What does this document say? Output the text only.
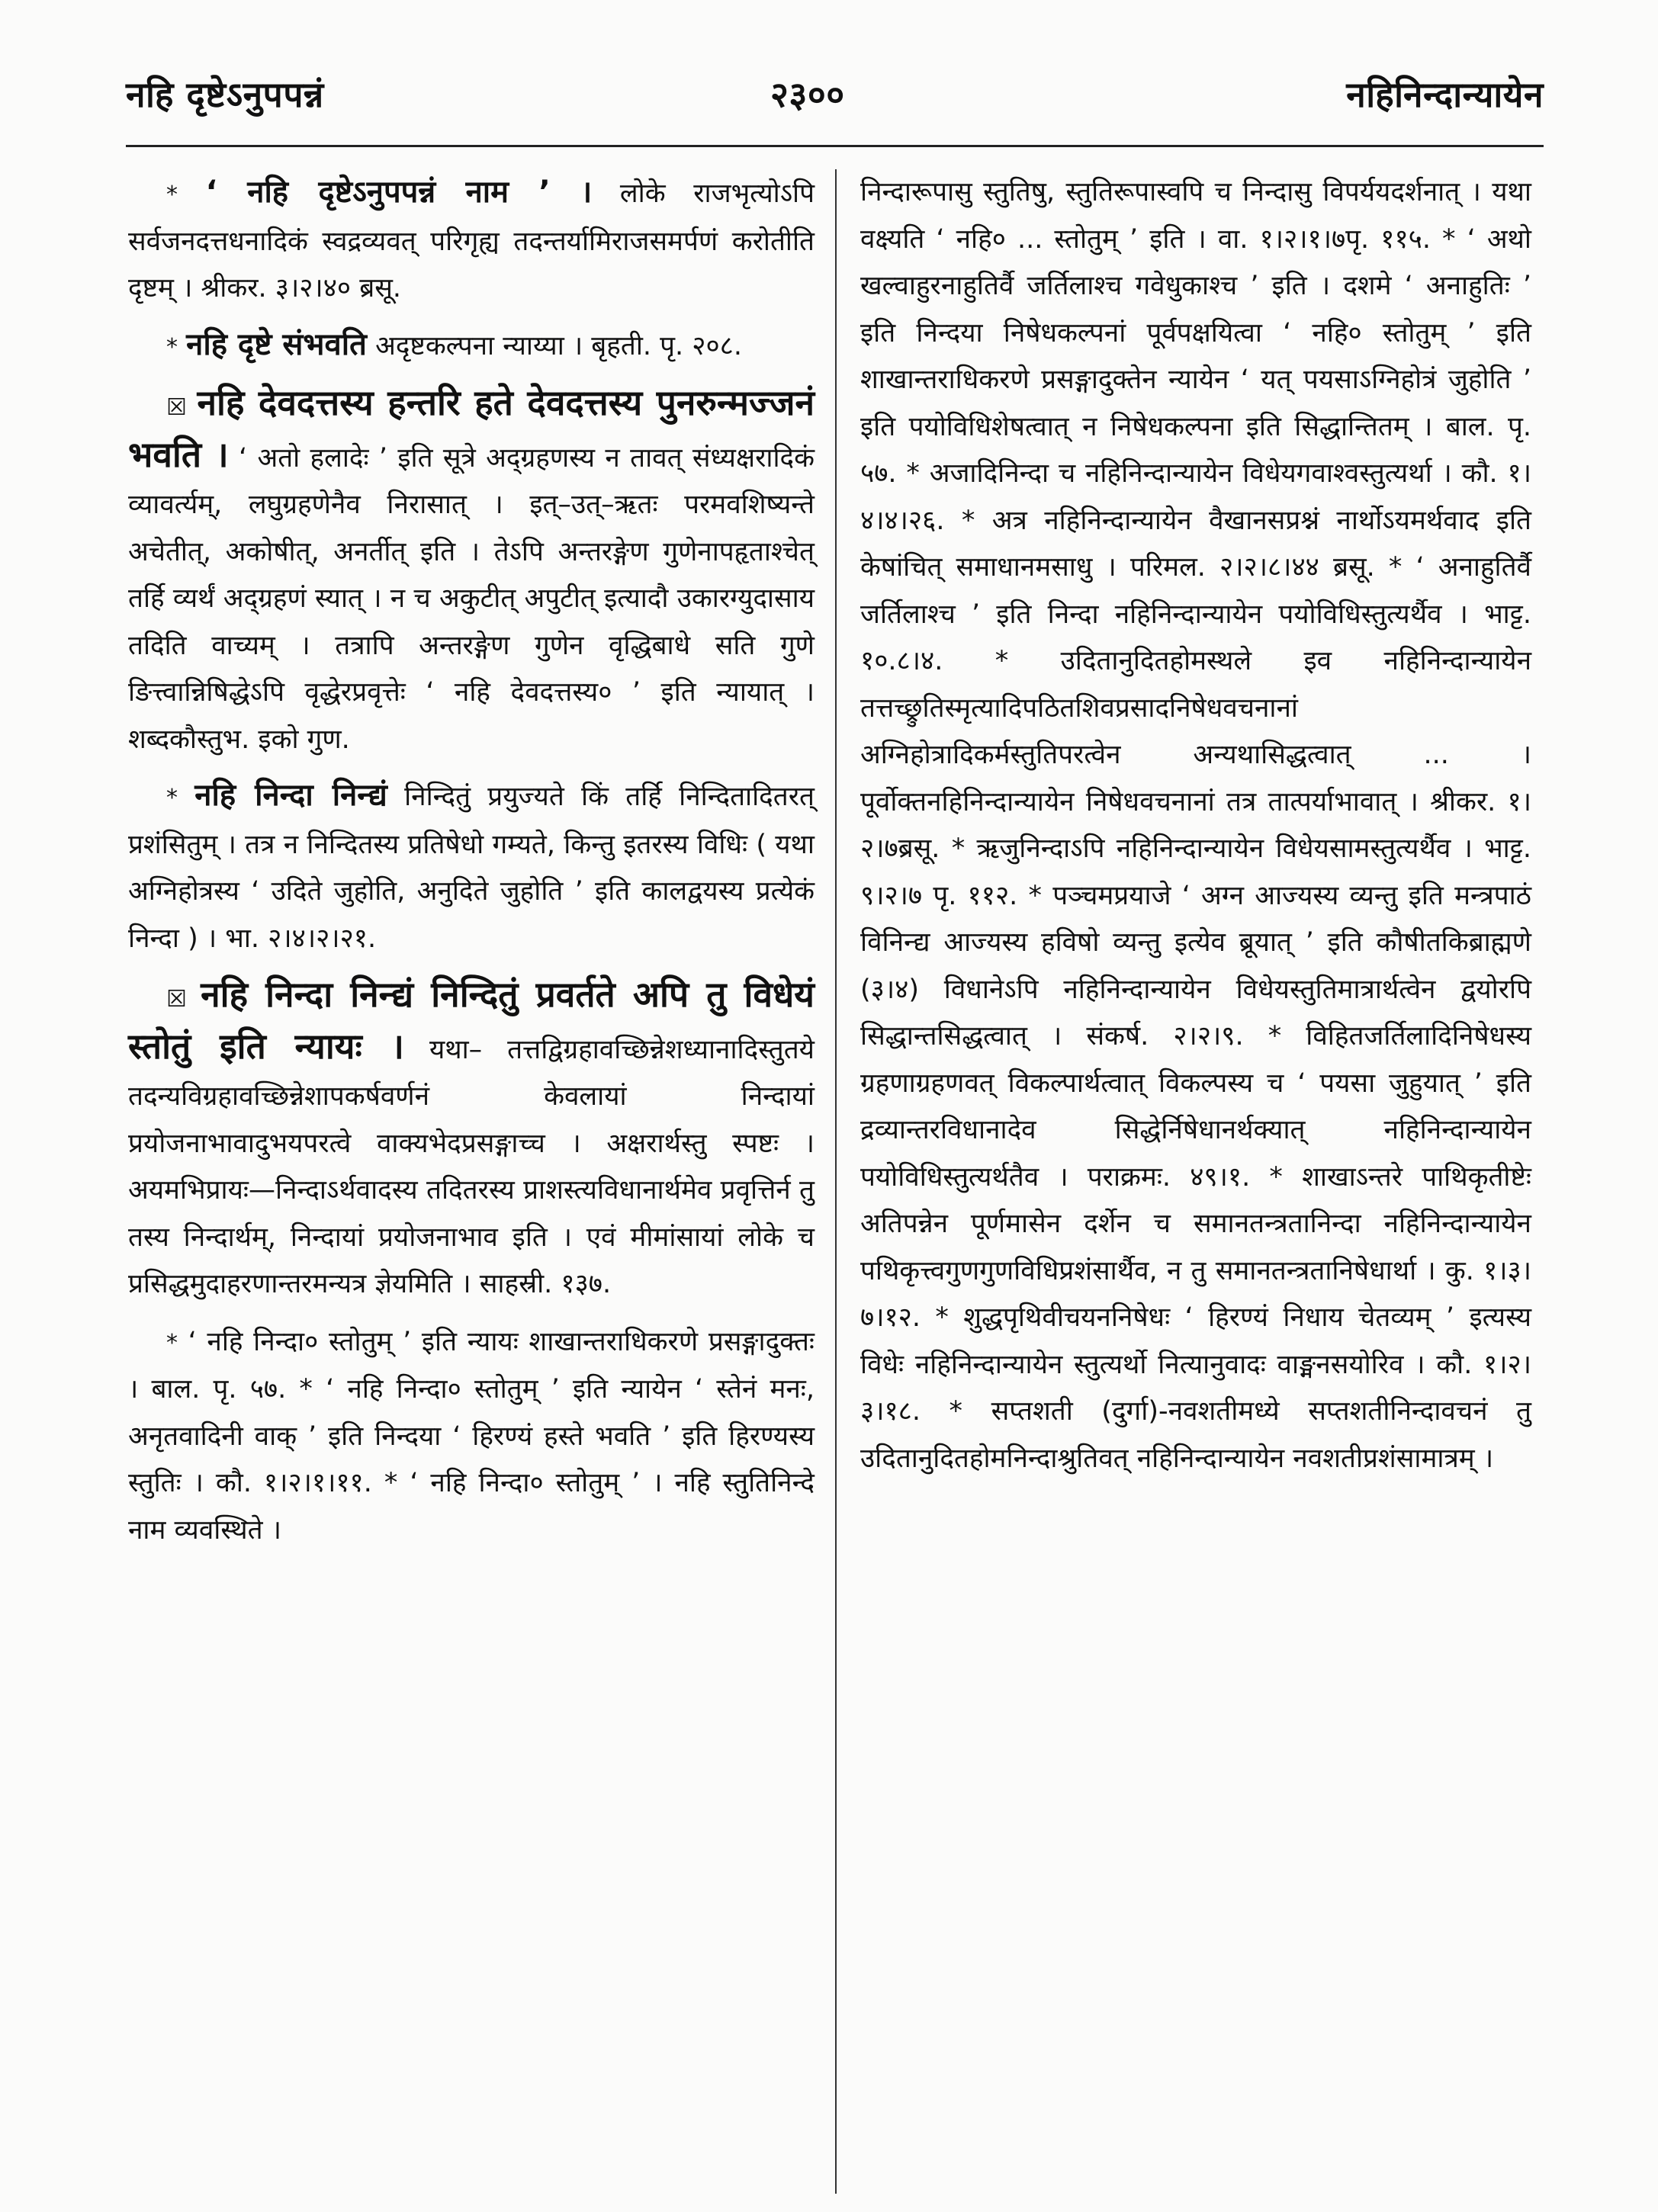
नहि दृष्टेऽनुपपन्नं	२३००	नहिनिन्दान्यायेन

* ‘ नहि दृष्टेऽनुपपन्नं नाम ’ । लोके राजभृत्योऽपि सर्वजनदत्तधनादिकं स्वद्रव्यवत् परिगृह्य तदन्तर्यामिराजसमर्पणं करोतीति दृष्टम् । श्रीकर. ३।२।४० ब्रसू.

* नहि दृष्टे संभवति अदृष्टकल्पना न्याय्या । बृहती. पृ. २०८.

☒ नहि देवदत्तस्य हन्तरि हते देवदत्तस्य पुनरुन्मज्जनं भवति । ‘ अतो हलादेः ’ इति सूत्रे अद्ग्रहणस्य न तावत् संध्यक्षरादिकं व्यावर्त्यम्, लघुग्रहणेनैव निरासात् । इत्–उत्–ऋतः परमवशिष्यन्ते अचेतीत्, अकोषीत्, अनर्तीत् इति । तेऽपि अन्तरङ्गेण गुणेनापहृताश्चेत् तर्हि व्यर्थं अद्ग्रहणं स्यात् । न च अकुटीत् अपुटीत् इत्यादौ उकारग्युदासाय तदिति वाच्यम् । तत्रापि अन्तरङ्गेण गुणेन वृद्धिबाधे सति गुणे ङित्त्वान्निषिद्धेऽपि वृद्धेरप्रवृत्तेः ‘ नहि देवदत्तस्य० ’ इति न्यायात् । शब्दकौस्तुभ. इको गुण.

* नहि निन्दा निन्द्यं निन्दितुं प्रयुज्यते किं तर्हि निन्दितादितरत् प्रशंसितुम् । तत्र न निन्दितस्य प्रतिषेधो गम्यते, किन्तु इतरस्य विधिः ( यथा अग्निहोत्रस्य ‘ उदिते जुहोति, अनुदिते जुहोति ’ इति कालद्वयस्य प्रत्येकं निन्दा ) । भा. २।४।२।२१.

☒ नहि निन्दा निन्द्यं निन्दितुं प्रवर्तते अपि तु विधेयं स्तोतुं इति न्यायः । यथा– तत्तद्विग्रहावच्छिन्नेशध्यानादिस्तुतये तदन्यविग्रहावच्छिन्नेशापकर्षवर्णनं केवलायां निन्दायां प्रयोजनाभावादुभयपरत्वे वाक्यभेदप्रसङ्गाच्च । अक्षरार्थस्तु स्पष्टः । अयमभिप्रायः—निन्दाऽर्थवादस्य तदितरस्य प्राशस्त्यविधानार्थमेव प्रवृत्तिर्न तु तस्य निन्दार्थम्, निन्दायां प्रयोजनाभाव इति । एवं मीमांसायां लोके च प्रसिद्धमुदाहरणान्तरमन्यत्र ज्ञेयमिति । साहस्री. १३७.

* ‘ नहि निन्दा० स्तोतुम् ’ इति न्यायः शाखान्तराधिकरणे प्रसङ्गादुक्तः । बाल. पृ. ५७. * ‘ नहि निन्दा० स्तोतुम् ’ इति न्यायेन ‘ स्तेनं मनः, अनृतवादिनी वाक् ’ इति निन्दया ‘ हिरण्यं हस्ते भवति ’ इति हिरण्यस्य स्तुतिः । कौ. १।२।१।११. * ‘ नहि निन्दा० स्तोतुम् ’ । नहि स्तुतिनिन्दे नाम व्यवस्थिते ।

निन्दारूपासु स्तुतिषु, स्तुतिरूपास्वपि च निन्दासु विपर्ययदर्शनात् । यथा वक्ष्यति ‘ नहि० ... स्तोतुम् ’ इति । वा. १।२।१।७पृ. ११५. * ‘ अथो खल्वाहुरनाहुतिर्वै जर्तिलाश्च गवेधुकाश्च ’ इति । दशमे ‘ अनाहुतिः ’ इति निन्दया निषेधकल्पनां पूर्वपक्षयित्वा ‘ नहि० स्तोतुम् ’ इति शाखान्तराधिकरणे प्रसङ्गादुक्तेन न्यायेन ‘ यत् पयसाऽग्निहोत्रं जुहोति ’ इति पयोविधिशेषत्वात् न निषेधकल्पना इति सिद्धान्तितम् । बाल. पृ. ५७. * अजादिनिन्दा च नहिनिन्दान्यायेन विधेयगवाश्वस्तुत्यर्था । कौ. १।४।४।२६. * अत्र नहिनिन्दान्यायेन वैखानसप्रश्नं नार्थोऽयमर्थवाद इति केषांचित् समाधानमसाधु । परिमल. २।२।८।४४ ब्रसू. * ‘ अनाहुतिर्वै जर्तिलाश्च ’ इति निन्दा नहिनिन्दान्यायेन पयोविधिस्तुत्यर्थैव । भाट्ट. १०.८।४. * उदितानुदितहोमस्थले इव नहिनिन्दान्यायेन तत्तच्छ्रुतिस्मृत्यादिपठितशिवप्रसादनिषेधवचनानां अग्निहोत्रादिकर्मस्तुतिपरत्वेन अन्यथासिद्धत्वात् ... । पूर्वोक्तनहिनिन्दान्यायेन निषेधवचनानां तत्र तात्पर्याभावात् । श्रीकर. १।२।७ब्रसू. * ऋजुनिन्दाऽपि नहिनिन्दान्यायेन विधेयसामस्तुत्यर्थैव । भाट्ट. ९।२।७ पृ. ११२. * पञ्चमप्रयाजे ‘ अग्न आज्यस्य व्यन्तु इति मन्त्रपाठं विनिन्द्य आज्यस्य हविषो व्यन्तु इत्येव ब्रूयात् ’ इति कौषीतकिब्राह्मणे (३।४) विधानेऽपि नहिनिन्दान्यायेन विधेयस्तुतिमात्रार्थत्वेन द्वयोरपि सिद्धान्तसिद्धत्वात् । संकर्ष. २।२।९. * विहितजर्तिलादिनिषेधस्य ग्रहणाग्रहणवत् विकल्पार्थत्वात् विकल्पस्य च ‘ पयसा जुहुयात् ’ इति द्रव्यान्तरविधानादेव सिद्धेर्निषेधानर्थक्यात् नहिनिन्दान्यायेन पयोविधिस्तुत्यर्थतैव । पराक्रमः. ४९।१. * शाखाऽन्तरे पाथिकृतीष्टेः अतिपन्नेन पूर्णमासेन दर्शेन च समानतन्त्रतानिन्दा नहिनिन्दान्यायेन पथिकृत्त्वगुणगुणविधिप्रशंसार्थैव, न तु समानतन्त्रतानिषेधार्था । कु. १।३।७।१२. * शुद्धपृथिवीचयननिषेधः ‘ हिरण्यं निधाय चेतव्यम् ’ इत्यस्य विधेः नहिनिन्दान्यायेन स्तुत्यर्थो नित्यानुवादः वाङ्मनसयोरिव । कौ. १।२।३।१८. * सप्तशती (दुर्गा)-नवशतीमध्ये सप्तशतीनिन्दावचनं तु उदितानुदितहोमनिन्दाश्रुतिवत् नहिनिन्दान्यायेन नवशतीप्रशंसामात्रम् ।
